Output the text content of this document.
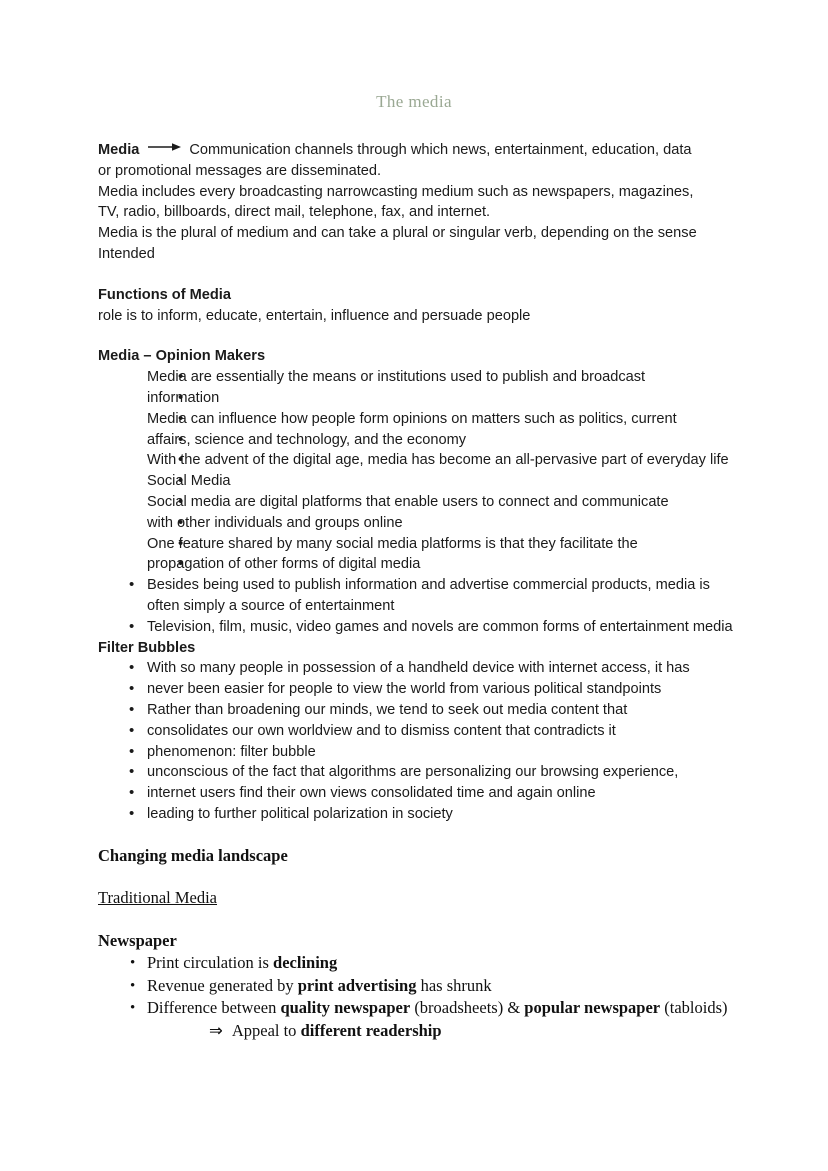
The media

Media	Communication channels through which news, entertainment, education, data

or promotional messages are disseminated.

Media includes every broadcasting narrowcasting medium such as newspapers, magazines,

TV, radio, billboards, direct mail, telephone, fax, and internet.

Media is the plural of medium and can take a plural or singular verb, depending on the sense

Intended

Functions of Media

role is to inform, educate, entertain, influence and persuade people

Media – Opinion Makers

• Media are essentially the means or institutions used to publish and broadcast
• information
• Media can influence how people form opinions on matters such as politics, current
• affairs, science and technology, and the economy
• With the advent of the digital age, media has become an all-pervasive part of everyday life
• Social Media
• Social media are digital platforms that enable users to connect and communicate
• with other individuals and groups online
• One feature shared by many social media platforms is that they facilitate the
• propagation of other forms of digital media
• Besides being used to publish information and advertise commercial products, media is often simply a source of entertainment
• Television, film, music, video games and novels are common forms of entertainment media

Filter Bubbles

• With so many people in possession of a handheld device with internet access, it has
• never been easier for people to view the world from various political standpoints
• Rather than broadening our minds, we tend to seek out media content that
• consolidates our own worldview and to dismiss content that contradicts it
• phenomenon: filter bubble
• unconscious of the fact that algorithms are personalizing our browsing experience,
• internet users find their own views consolidated time and again online
• leading to further political polarization in society

Changing media landscape

Traditional Media

Newspaper

• Print circulation is declining
• Revenue generated by print advertising has shrunk
• Difference between quality newspaper (broadsheets) & popular newspaper (tabloids)

⇒ Appeal to different readership
